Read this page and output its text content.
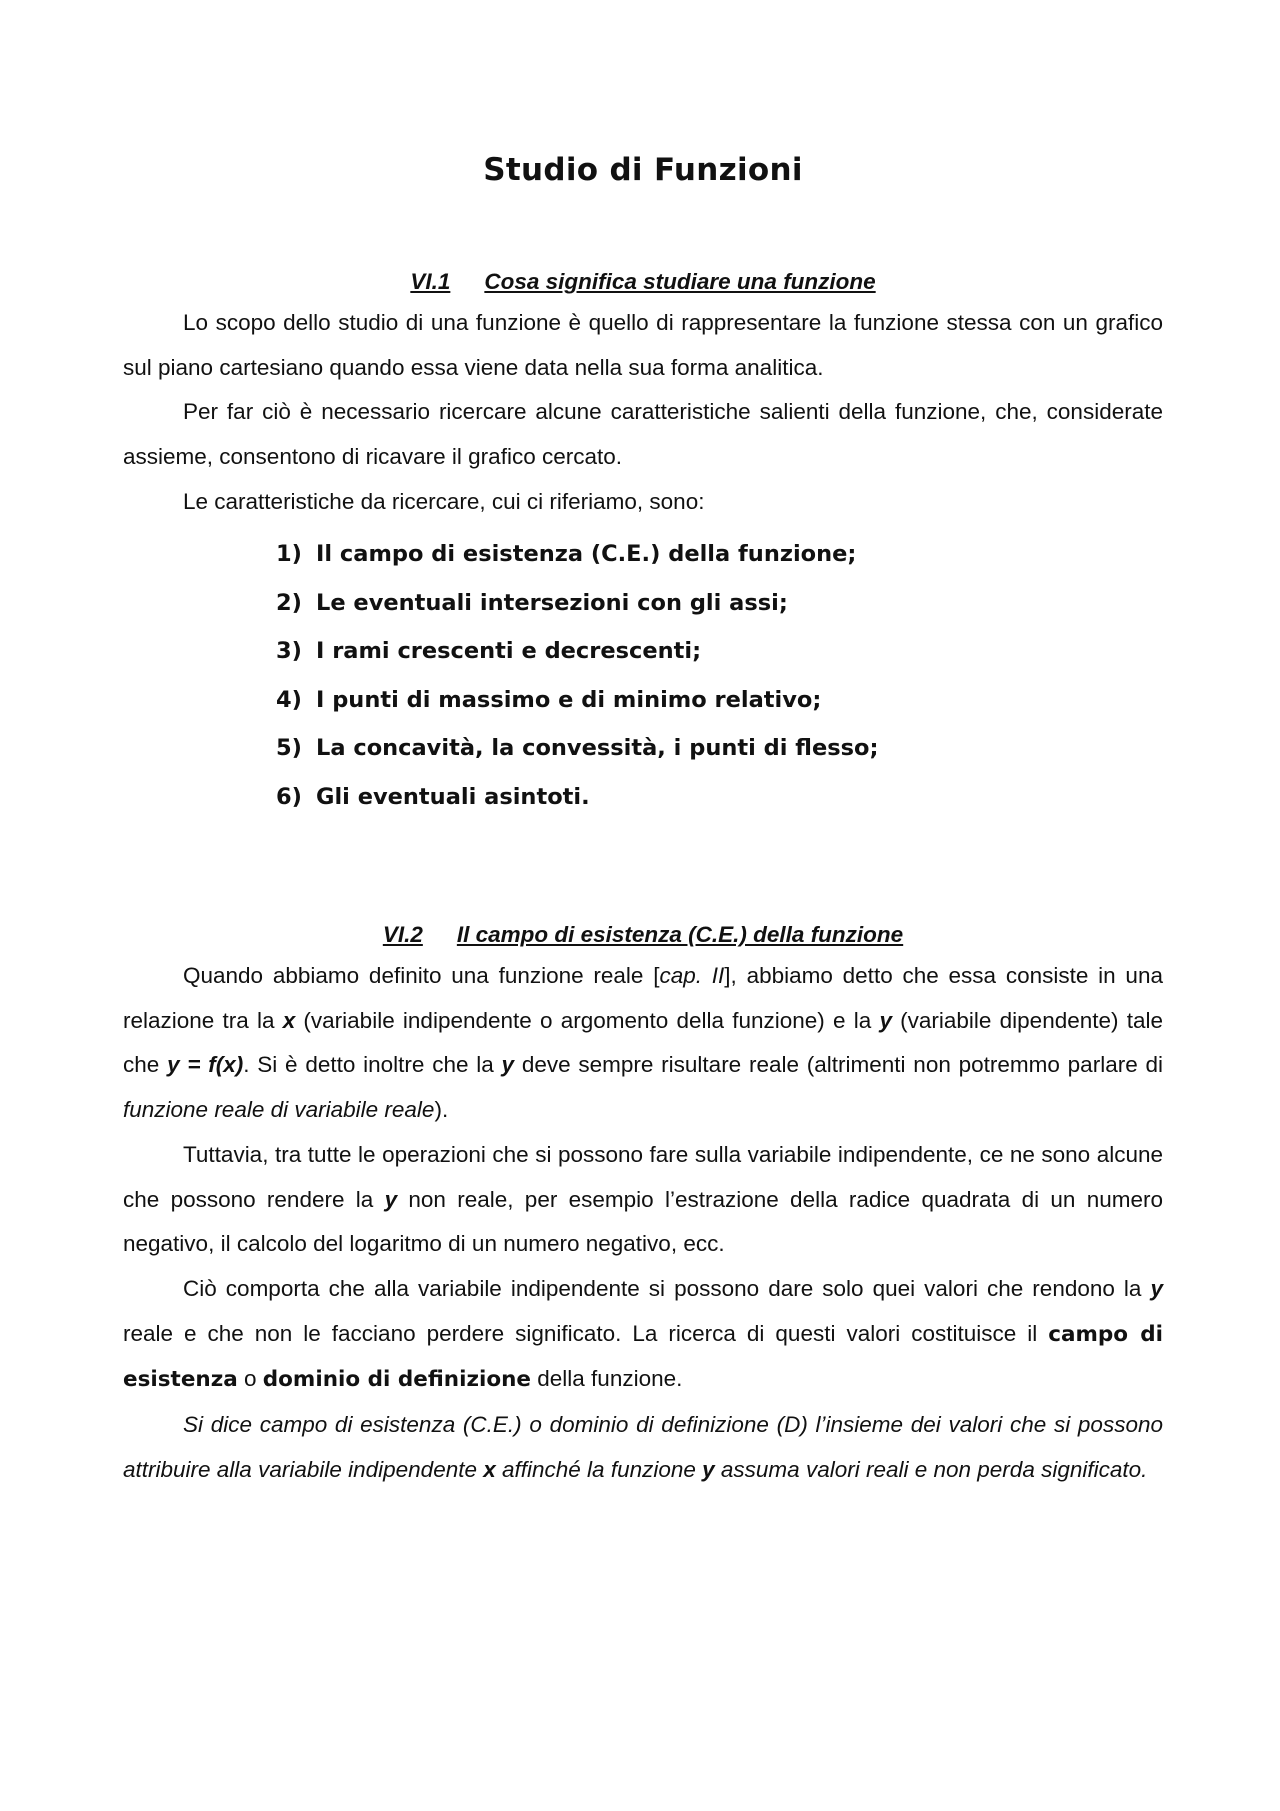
Studio di Funzioni
VI.1 Cosa significa studiare una funzione

Lo scopo dello studio di una funzione è quello di rappresentare la funzione stessa con un grafico sul piano cartesiano quando essa viene data nella sua forma analitica.

Per far ciò è necessario ricercare alcune caratteristiche salienti della funzione, che, considerate assieme, consentono di ricavare il grafico cercato.

Le caratteristiche da ricercare, cui ci riferiamo, sono:

1) Il campo di esistenza (C.E.) della funzione;
2) Le eventuali intersezioni con gli assi;
3) I rami crescenti e decrescenti;
4) I punti di massimo e di minimo relativo;
5) La concavità, la convessità, i punti di flesso;
6) Gli eventuali asintoti.
VI.2 Il campo di esistenza (C.E.) della funzione

Quando abbiamo definito una funzione reale [cap. II], abbiamo detto che essa consiste in una relazione tra la x (variabile indipendente o argomento della funzione) e la y (variabile dipendente) tale che y = f(x). Si è detto inoltre che la y deve sempre risultare reale (altrimenti non potremmo parlare di funzione reale di variabile reale).

Tuttavia, tra tutte le operazioni che si possono fare sulla variabile indipendente, ce ne sono alcune che possono rendere la y non reale, per esempio l’estrazione della radice quadrata di un numero negativo, il calcolo del logaritmo di un numero negativo, ecc.

Ciò comporta che alla variabile indipendente si possono dare solo quei valori che rendono la y reale e che non le facciano perdere significato. La ricerca di questi valori costituisce il campo di esistenza o dominio di definizione della funzione.

Si dice campo di esistenza (C.E.) o dominio di definizione (D) l’insieme dei valori che si possono attribuire alla variabile indipendente x affinché la funzione y assuma valori reali e non perda significato.
